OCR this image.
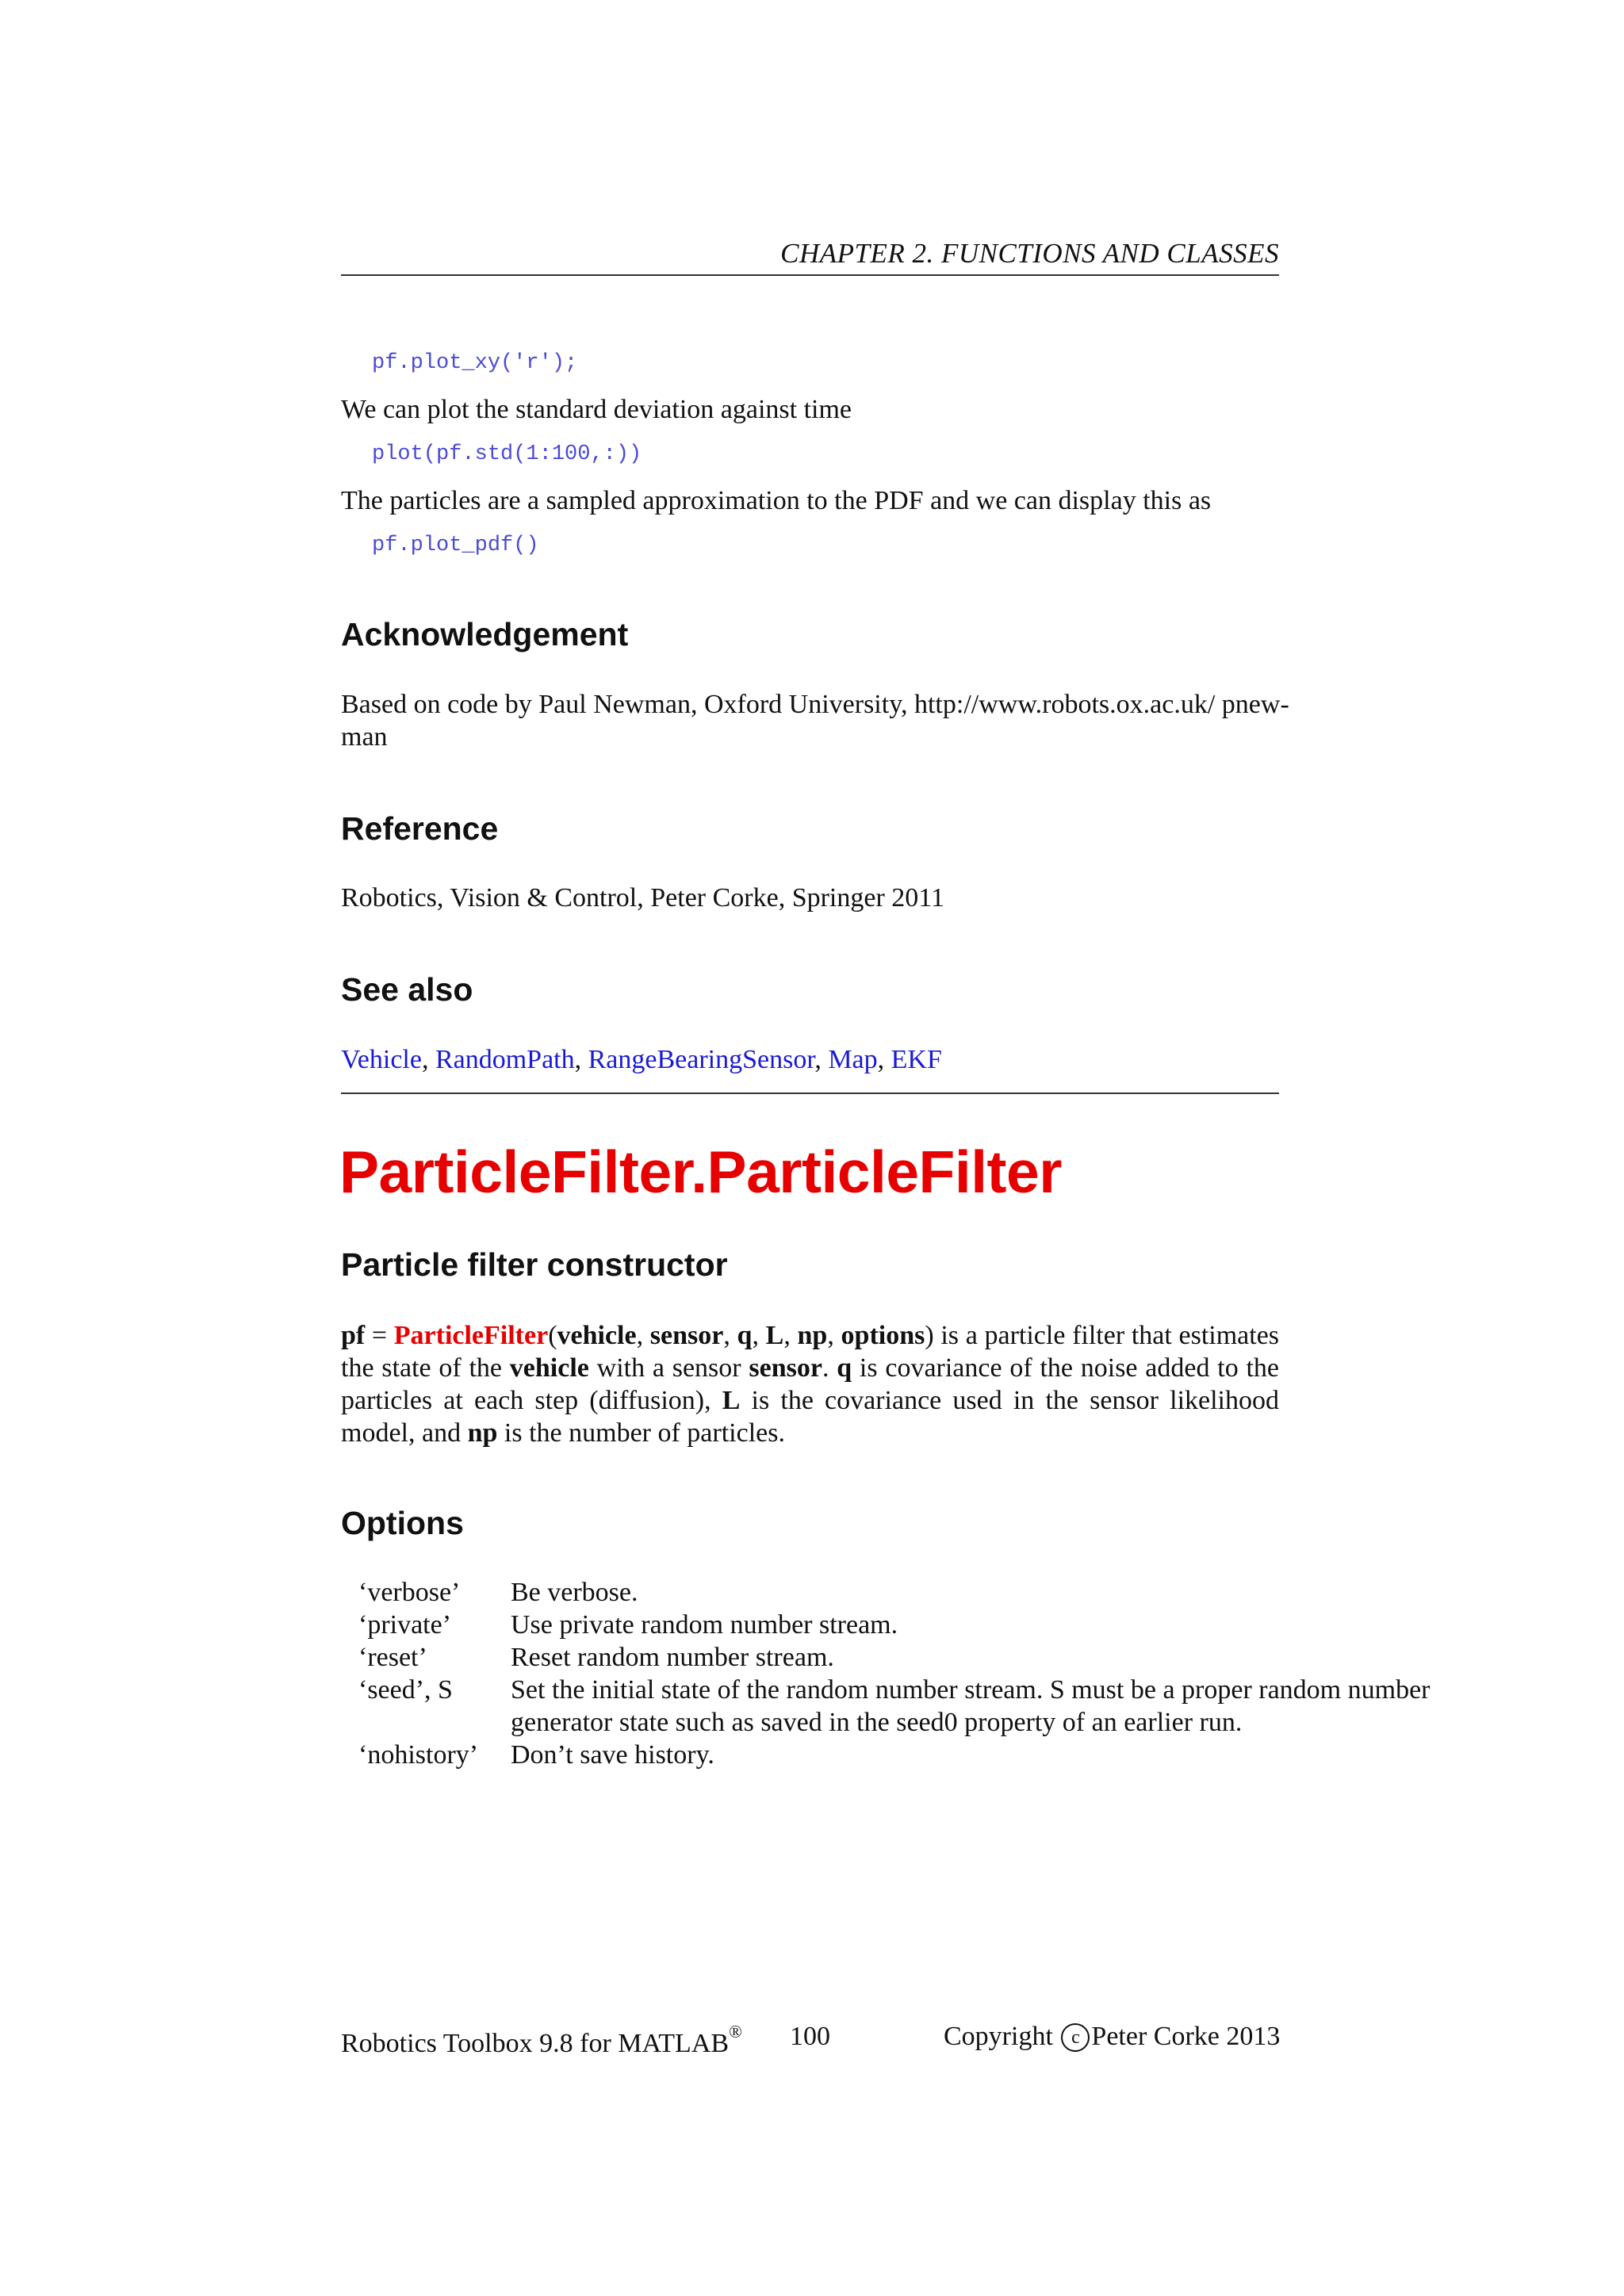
CHAPTER 2. FUNCTIONS AND CLASSES
pf.plot_xy('r');
We can plot the standard deviation against time
plot(pf.std(1:100,:))
The particles are a sampled approximation to the PDF and we can display this as
pf.plot_pdf()
Acknowledgement
Based on code by Paul Newman, Oxford University, http://www.robots.ox.ac.uk/ pnew-
man
Reference
Robotics, Vision & Control, Peter Corke, Springer 2011
See also
Vehicle, RandomPath, RangeBearingSensor, Map, EKF
ParticleFilter.ParticleFilter
Particle filter constructor
pf = ParticleFilter(vehicle, sensor, q, L, np, options) is a particle filter that estimates the state of the vehicle with a sensor sensor. q is covariance of the noise added to the particles at each step (diffusion), L is the covariance used in the sensor likelihood model, and np is the number of particles.
Options
‘verbose’ Be verbose.
‘private’ Use private random number stream.
‘reset’	Reset random number stream.
‘seed’, S Set the initial state of the random number stream. S must be a proper random number
generator state such as saved in the seed0 property of an earlier run.
‘nohistory’ Don’t save history.
Robotics Toolbox 9.8 for MATLAB® 100	Copyright c Peter Corke 2013
